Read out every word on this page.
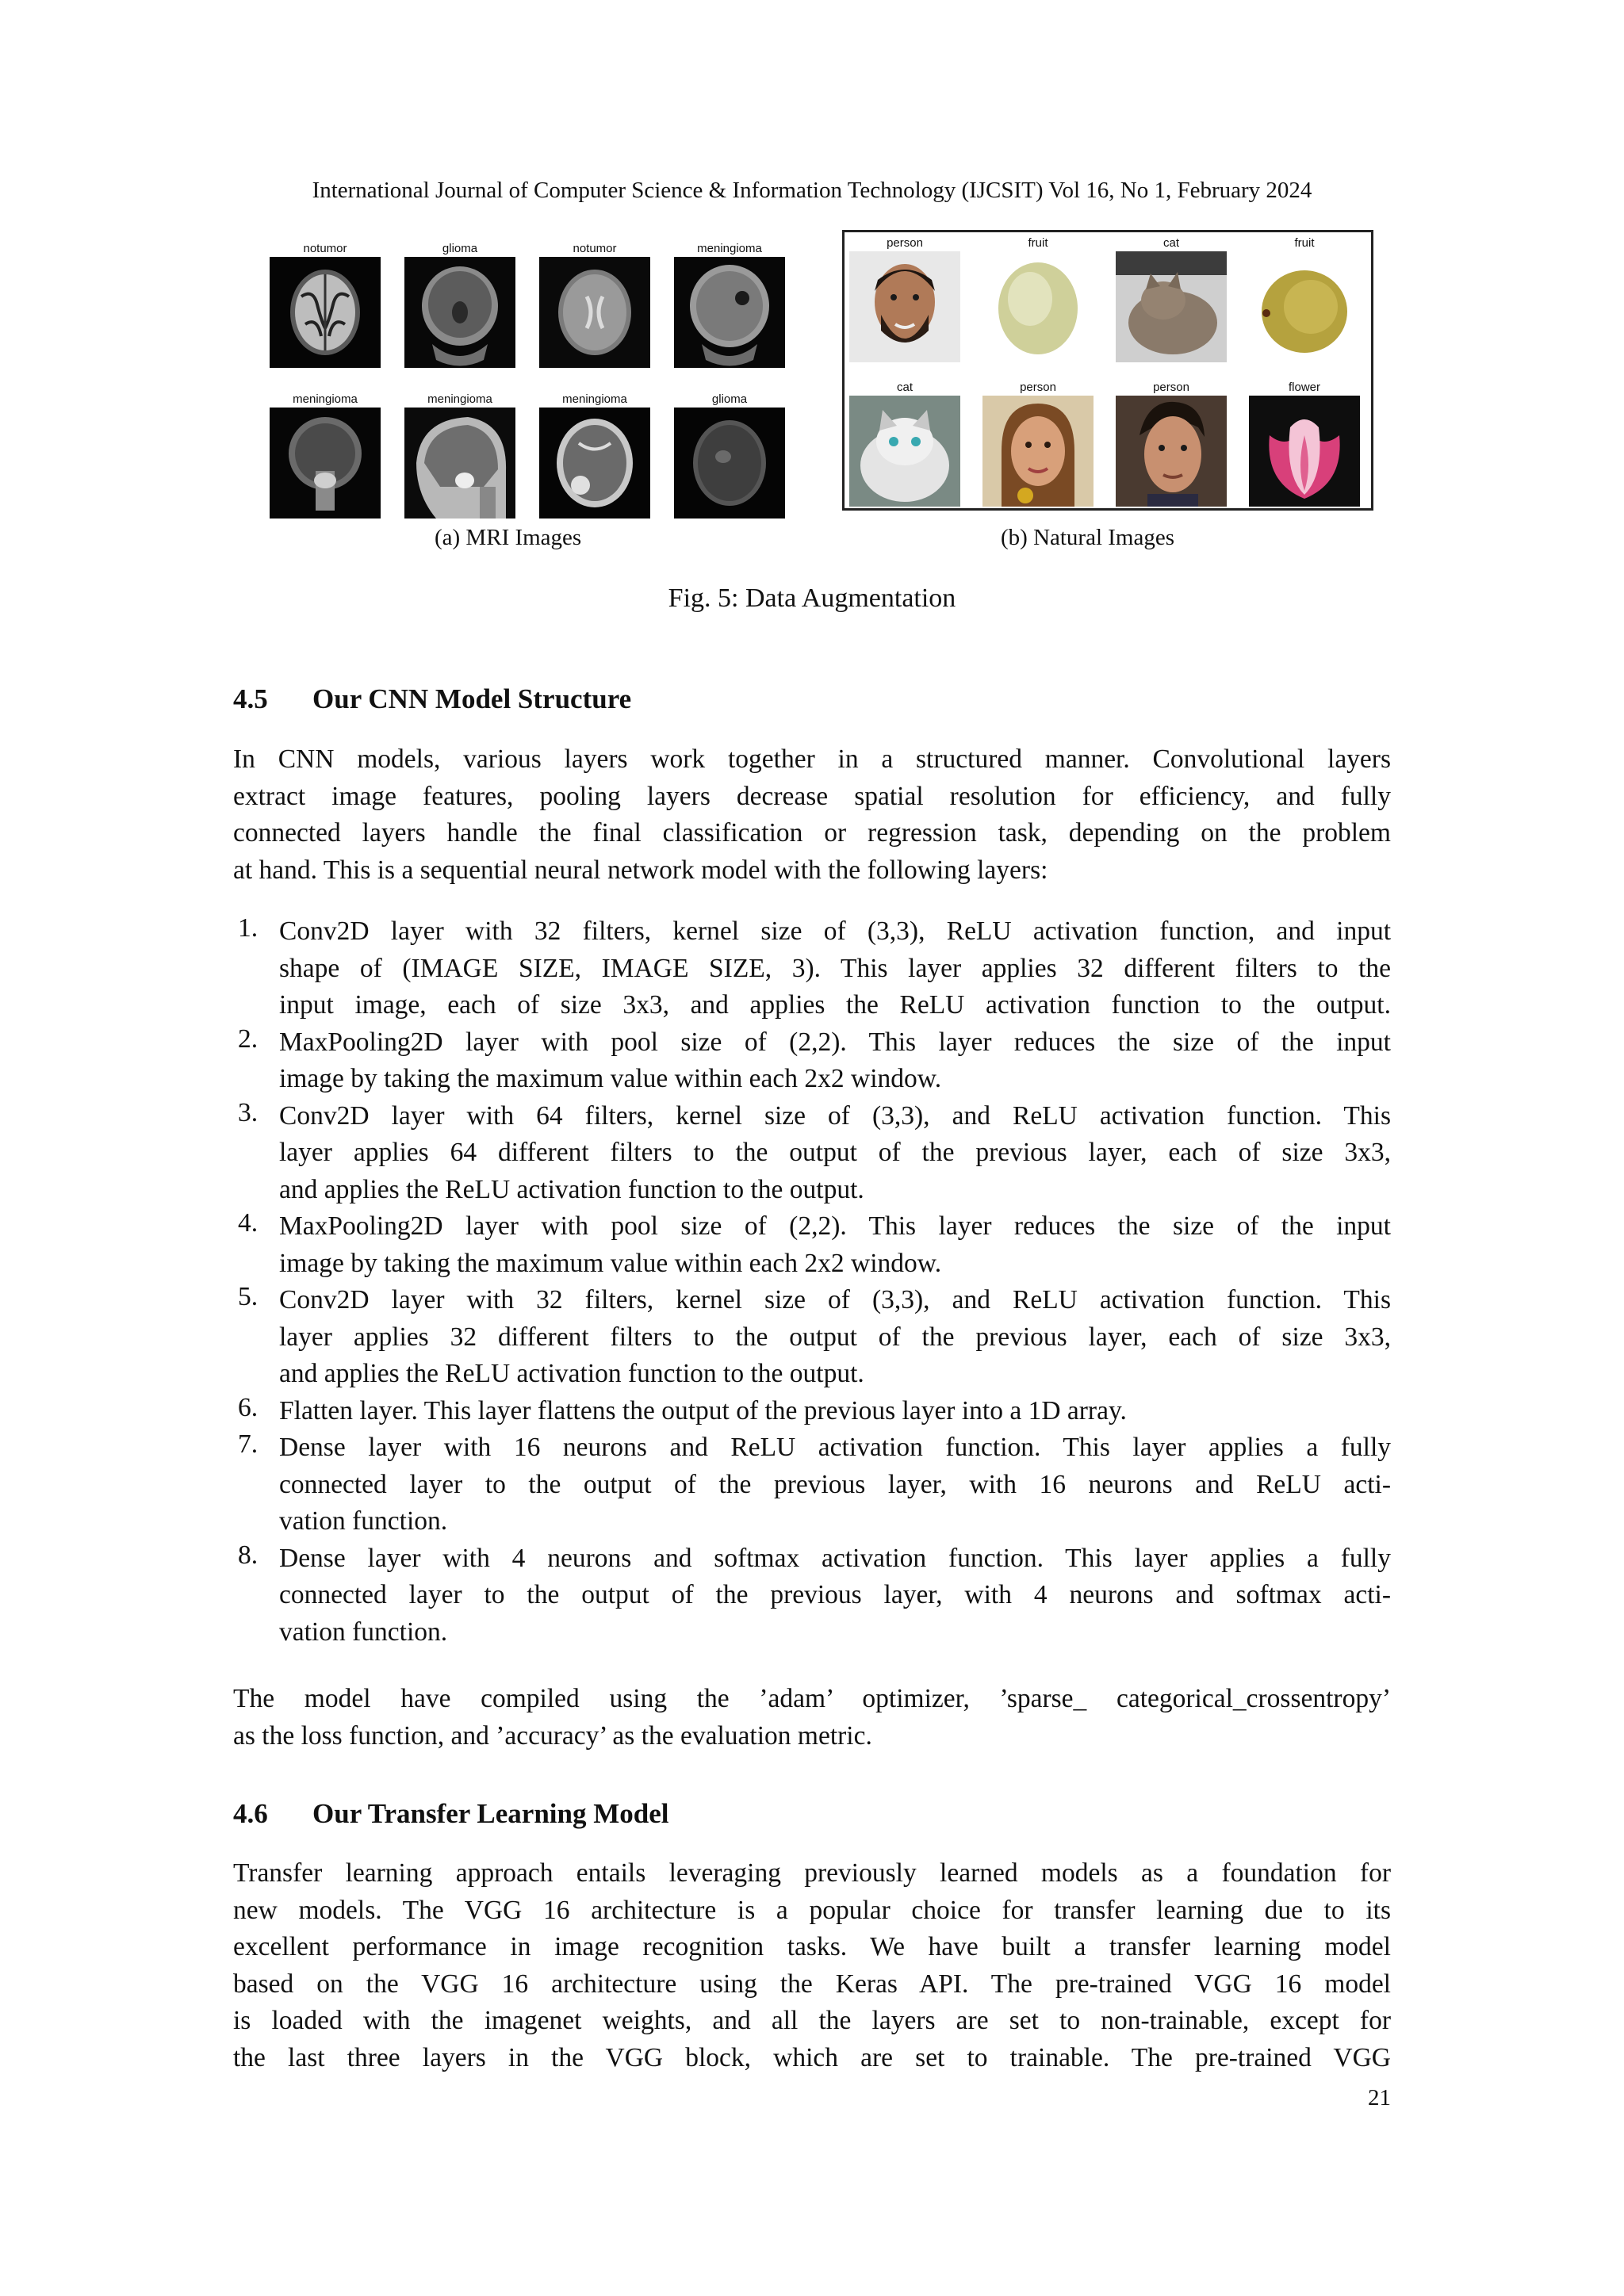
International Journal of Computer Science & Information Technology (IJCSIT) Vol 16, No 1, February 2024
notumor	glioma	notumor	meningioma
meningioma	meningioma	meningioma	glioma
person	fruit	cat	fruit
cat	person	person	flower
(a) MRI Images	(b) Natural Images
Fig. 5: Data Augmentation
4.5 Our CNN Model Structure
In CNN models, various layers work together in a structured manner. Convolutional layers
extract image features, pooling layers decrease spatial resolution for efficiency, and fully
connected layers handle the final classification or regression task, depending on the problem
at hand. This is a sequential neural network model with the following layers:
1. Conv2D layer with 32 filters, kernel size of (3,3), ReLU activation function, and input
shape of (IMAGE SIZE, IMAGE SIZE, 3). This layer applies 32 different filters to the
input image, each of size 3x3, and applies the ReLU activation function to the output.
2. MaxPooling2D layer with pool size of (2,2). This layer reduces the size of the input
image by taking the maximum value within each 2x2 window.
3. Conv2D layer with 64 filters, kernel size of (3,3), and ReLU activation function. This
layer applies 64 different filters to the output of the previous layer, each of size 3x3,
and applies the ReLU activation function to the output.
4. MaxPooling2D layer with pool size of (2,2). This layer reduces the size of the input
image by taking the maximum value within each 2x2 window.
5. Conv2D layer with 32 filters, kernel size of (3,3), and ReLU activation function. This
layer applies 32 different filters to the output of the previous layer, each of size 3x3,
and applies the ReLU activation function to the output.
6. Flatten layer. This layer flattens the output of the previous layer into a 1D array.
7. Dense layer with 16 neurons and ReLU activation function. This layer applies a fully
connected layer to the output of the previous layer, with 16 neurons and ReLU acti-
vation function.
8. Dense layer with 4 neurons and softmax activation function. This layer applies a fully
connected layer to the output of the previous layer, with 4 neurons and softmax acti-
vation function.
The model have compiled using the ’adam’ optimizer, ’sparse_ categorical_crossentropy’
as the loss function, and ’accuracy’ as the evaluation metric.
4.6 Our Transfer Learning Model
Transfer learning approach entails leveraging previously learned models as a foundation for
new models. The VGG 16 architecture is a popular choice for transfer learning due to its
excellent performance in image recognition tasks. We have built a transfer learning model
based on the VGG 16 architecture using the Keras API. The pre-trained VGG 16 model
is loaded with the imagenet weights, and all the layers are set to non-trainable, except for
the last three layers in the VGG block, which are set to trainable. The pre-trained VGG
21
